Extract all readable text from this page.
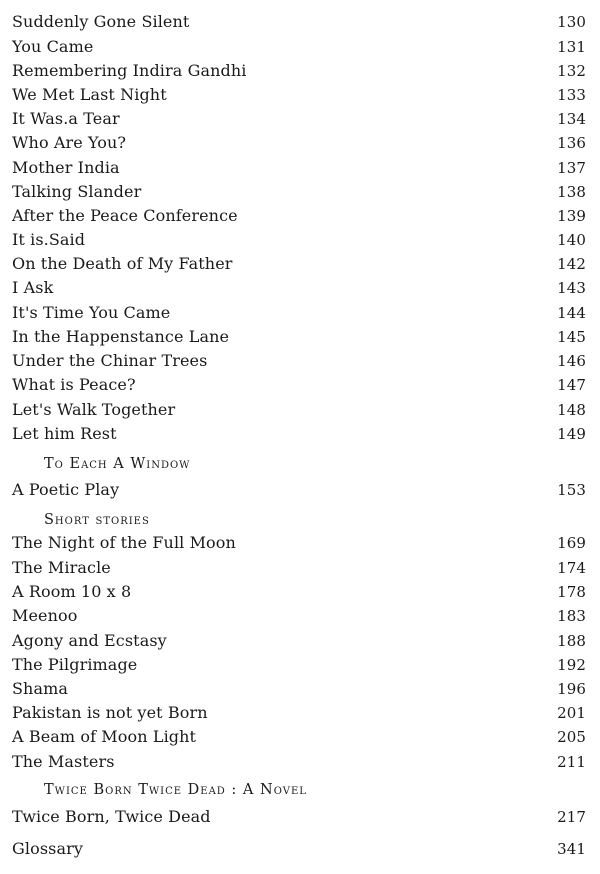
Suddenly Gone Silent	130
You Came	131
Remembering Indira Gandhi	132
We Met Last Night	133
It Was.a Tear	134
Who Are You?	136
Mother India	137
Talking Slander	138
After the Peace Conference	139
It is.Said	140
On the Death of My Father	142
I Ask	143
It's Time You Came	144
In the Happenstance Lane	145
Under the Chinar Trees	146
What is Peace?	147
Let's Walk Together	148
Let him Rest	149
To Each A Window
A Poetic Play	153
Short stories
The Night of the Full Moon	169
The Miracle	174
A Room 10 x 8	178
Meenoo	183
Agony and Ecstasy	188
The Pilgrimage	192
Shama	196
Pakistan is not yet Born	201
A Beam of Moon Light	205
The Masters	211
Twice Born Twice Dead : A Novel
Twice Born, Twice Dead	217
Glossary	341
